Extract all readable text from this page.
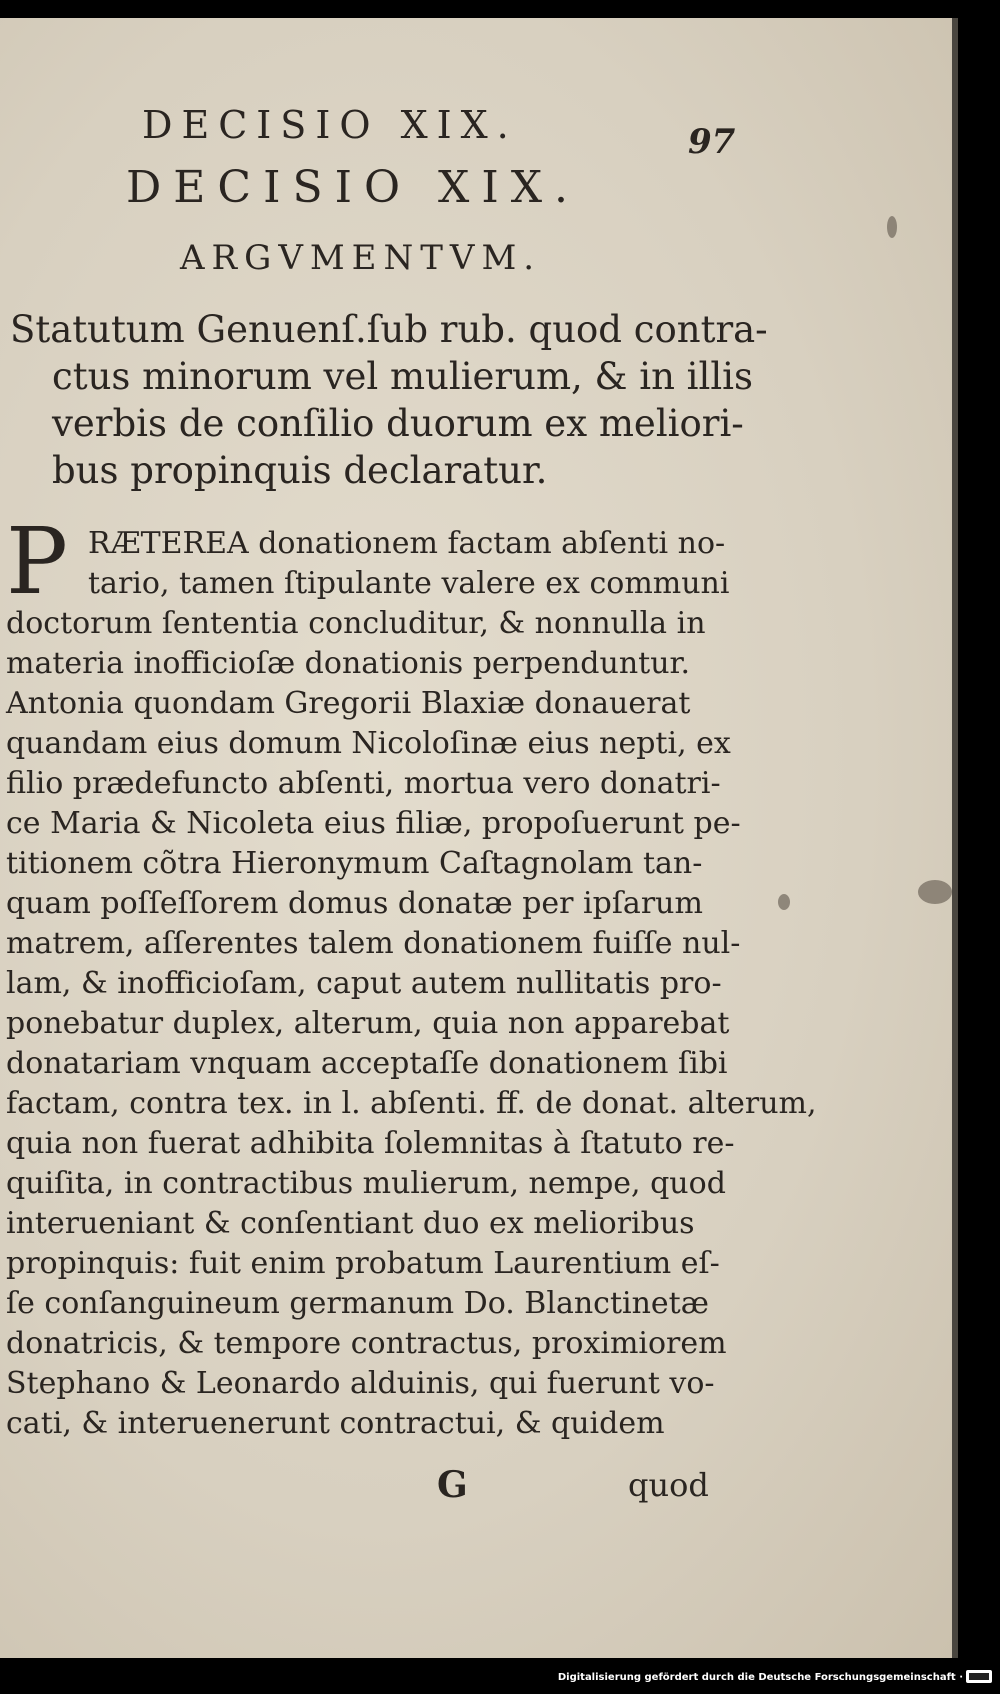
DECISIO XIX.	97
DECISIO XIX.
ARGVMENTVM.
Statutum Genuenſ.ſub rub. quod contra-
ctus minorum vel mulierum, & in illis
verbis de conſilio duorum ex meliori-
bus propinquis declaratur.
P RÆTEREA donationem factam abſenti no-
tario, tamen ſtipulante valere ex communi
doctorum ſententia concluditur, & nonnulla in
materia inofficioſæ donationis perpenduntur.
Antonia quondam Gregorii Blaxiæ donauerat
quandam eius domum Nicoloſinæ eius nepti, ex
filio prædefuncto abſenti, mortua vero donatri-
ce Maria & Nicoleta eius filiæ, propoſuerunt pe-
titionem cõtra Hieronymum Caſtagnolam tan-
quam poſſeſſorem domus donatæ per ipſarum
matrem, aſſerentes talem donationem fuiſſe nul-
lam, & inofficioſam, caput autem nullitatis pro-
ponebatur duplex, alterum, quia non apparebat
donatariam vnquam acceptaſſe donationem ſibi
factam, contra tex. in l. abſenti. ff. de donat. alterum,
quia non fuerat adhibita ſolemnitas à ſtatuto re-
quiſita, in contractibus mulierum, nempe, quod
interueniant & conſentiant duo ex melioribus
propinquis: fuit enim probatum Laurentium eſ-
ſe conſanguineum germanum Do. Blanctinetæ
donatricis, & tempore contractus, proximiorem
Stephano & Leonardo alduinis, qui fuerunt vo-
cati, & interuenerunt contractui, & quidem
G	quod
Digitalisierung gefördert durch die Deutsche Forschungsgemeinschaft ·
